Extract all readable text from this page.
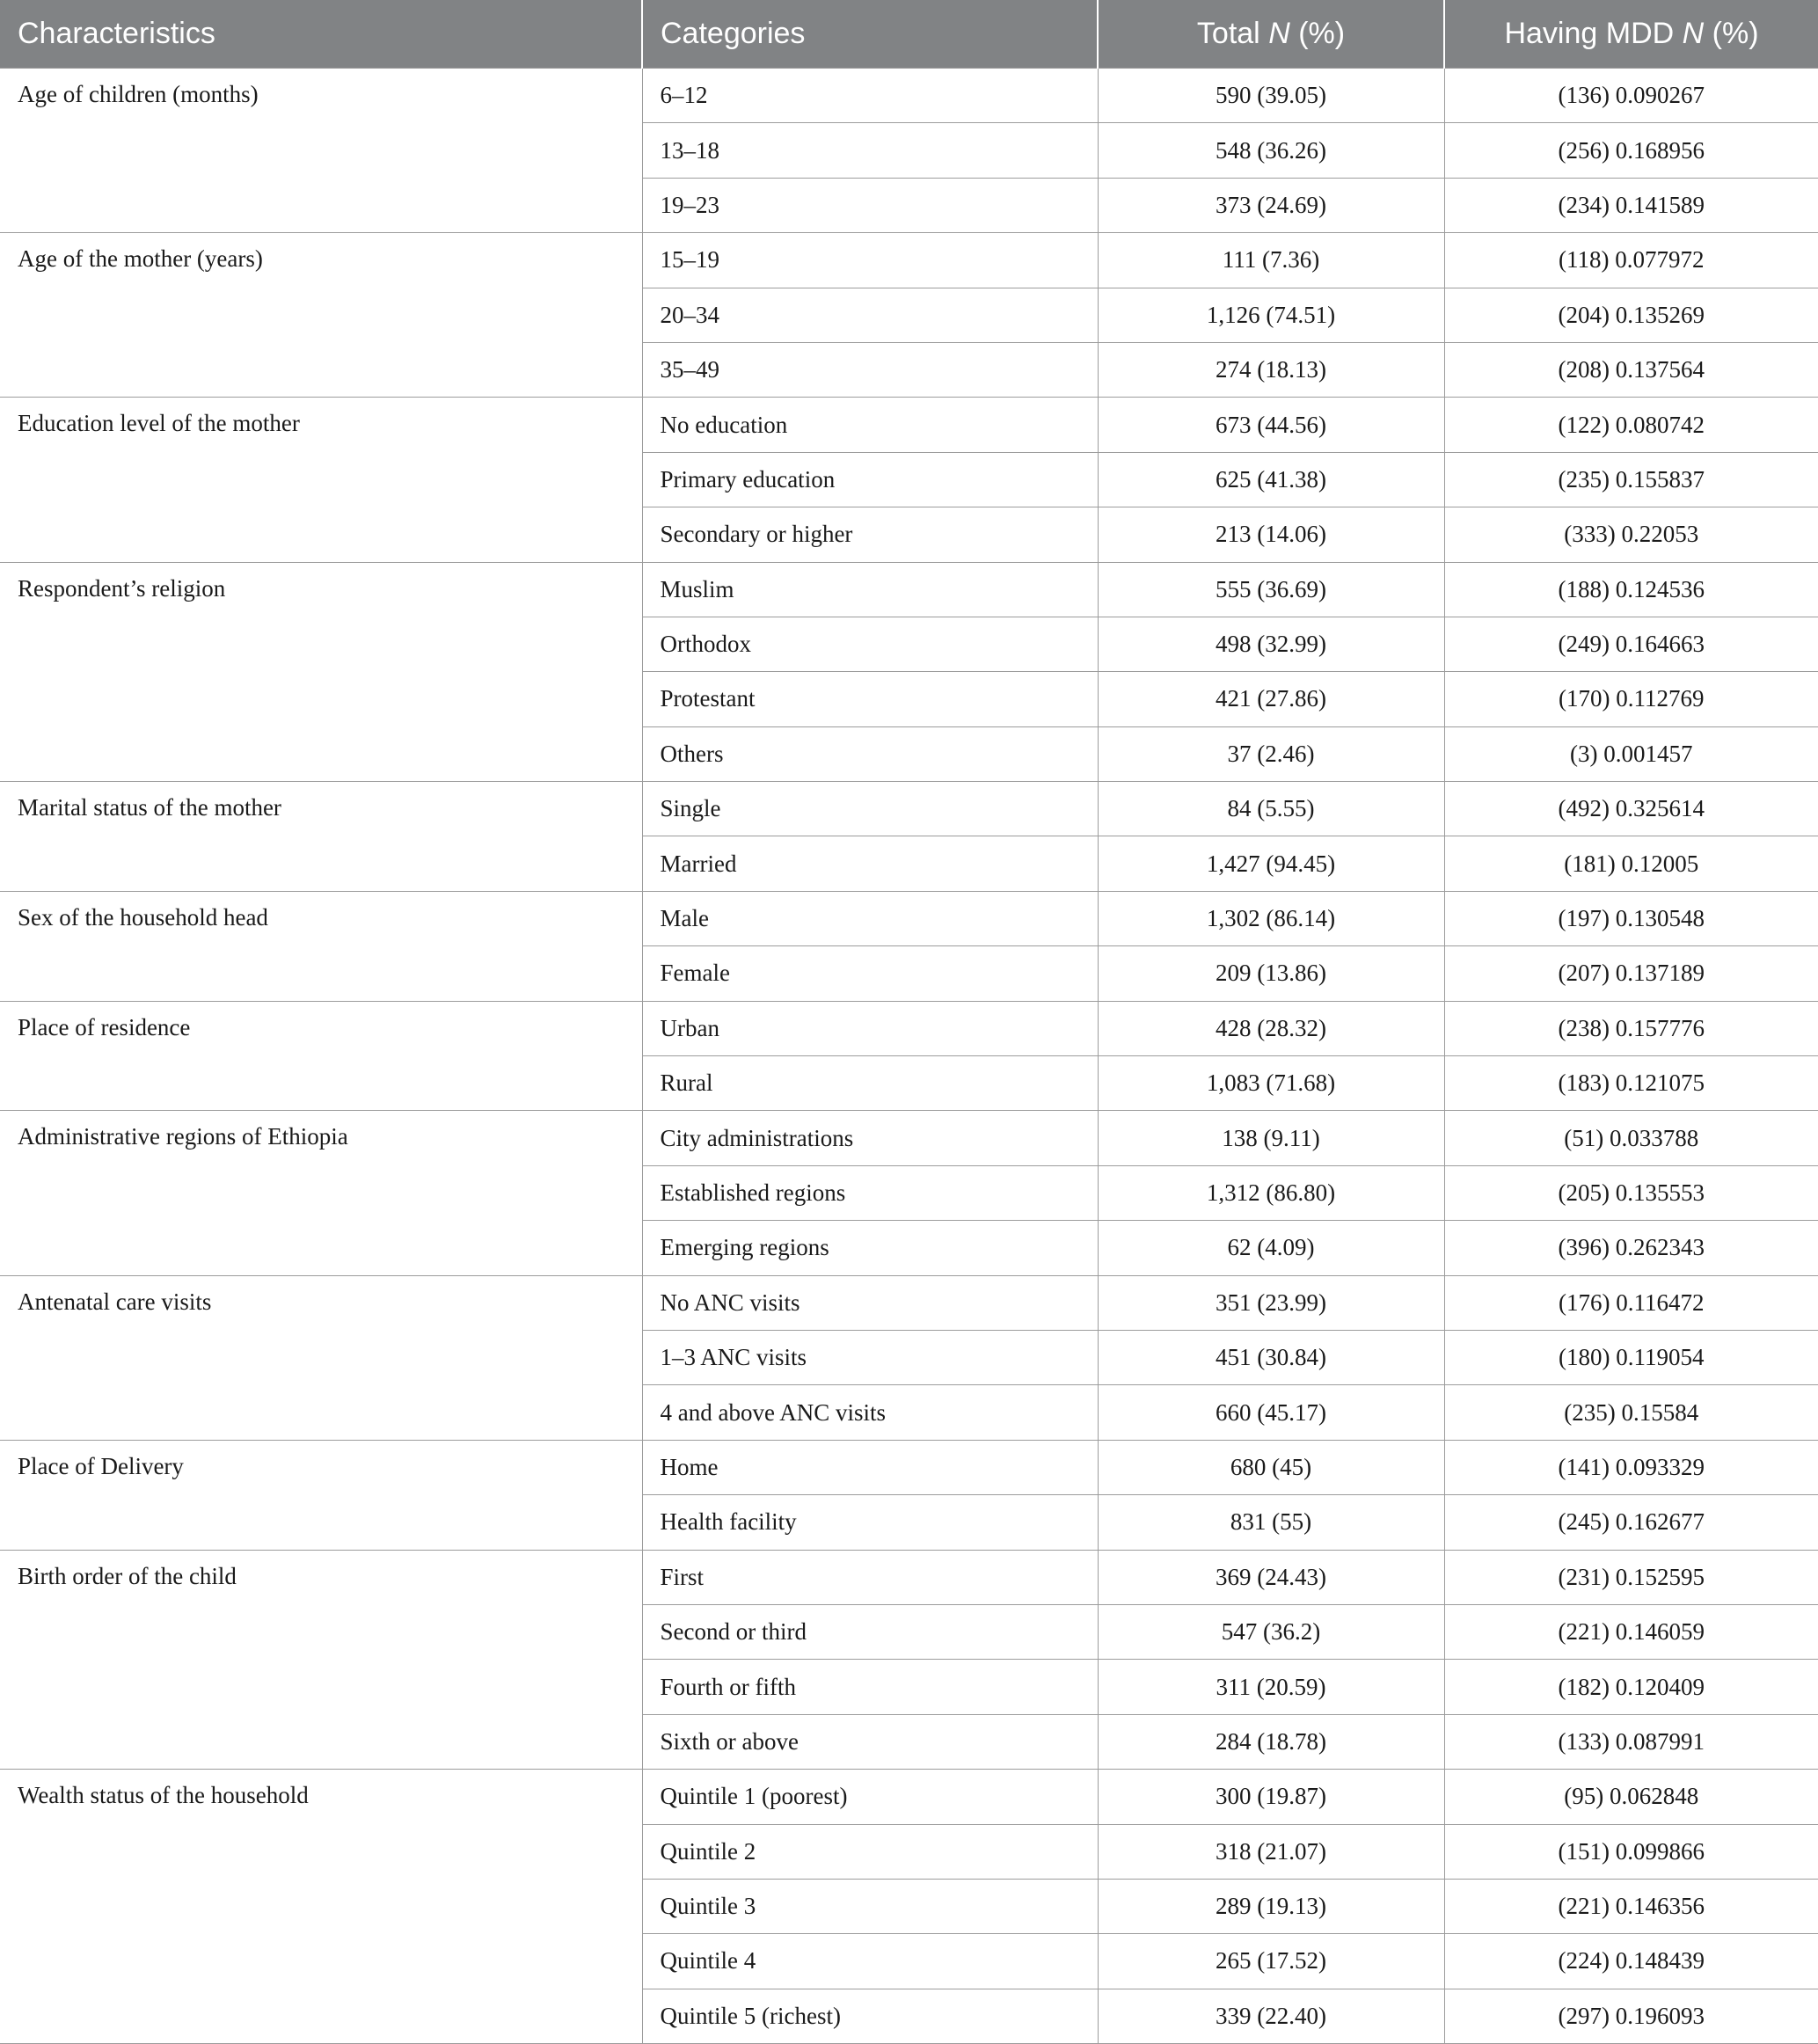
Characteristics	Categories	Total N (%)	Having MDD N (%)
Age of children (months)	6–12	590 (39.05)	(136) 0.090267
	13–18	548 (36.26)	(256) 0.168956
	19–23	373 (24.69)	(234) 0.141589
Age of the mother (years)	15–19	111 (7.36)	(118) 0.077972
	20–34	1,126 (74.51)	(204) 0.135269
	35–49	274 (18.13)	(208) 0.137564
Education level of the mother	No education	673 (44.56)	(122) 0.080742
	Primary education	625 (41.38)	(235) 0.155837
	Secondary or higher	213 (14.06)	(333) 0.22053
Respondent’s religion	Muslim	555 (36.69)	(188) 0.124536
	Orthodox	498 (32.99)	(249) 0.164663
	Protestant	421 (27.86)	(170) 0.112769
	Others	37 (2.46)	(3) 0.001457
Marital status of the mother	Single	84 (5.55)	(492) 0.325614
	Married	1,427 (94.45)	(181) 0.12005
Sex of the household head	Male	1,302 (86.14)	(197) 0.130548
	Female	209 (13.86)	(207) 0.137189
Place of residence	Urban	428 (28.32)	(238) 0.157776
	Rural	1,083 (71.68)	(183) 0.121075
Administrative regions of Ethiopia	City administrations	138 (9.11)	(51) 0.033788
	Established regions	1,312 (86.80)	(205) 0.135553
	Emerging regions	62 (4.09)	(396) 0.262343
Antenatal care visits	No ANC visits	351 (23.99)	(176) 0.116472
	1–3 ANC visits	451 (30.84)	(180) 0.119054
	4 and above ANC visits	660 (45.17)	(235) 0.15584
Place of Delivery	Home	680 (45)	(141) 0.093329
	Health facility	831 (55)	(245) 0.162677
Birth order of the child	First	369 (24.43)	(231) 0.152595
	Second or third	547 (36.2)	(221) 0.146059
	Fourth or fifth	311 (20.59)	(182) 0.120409
	Sixth or above	284 (18.78)	(133) 0.087991
Wealth status of the household	Quintile 1 (poorest)	300 (19.87)	(95) 0.062848
	Quintile 2	318 (21.07)	(151) 0.099866
	Quintile 3	289 (19.13)	(221) 0.146356
	Quintile 4	265 (17.52)	(224) 0.148439
	Quintile 5 (richest)	339 (22.40)	(297) 0.196093
